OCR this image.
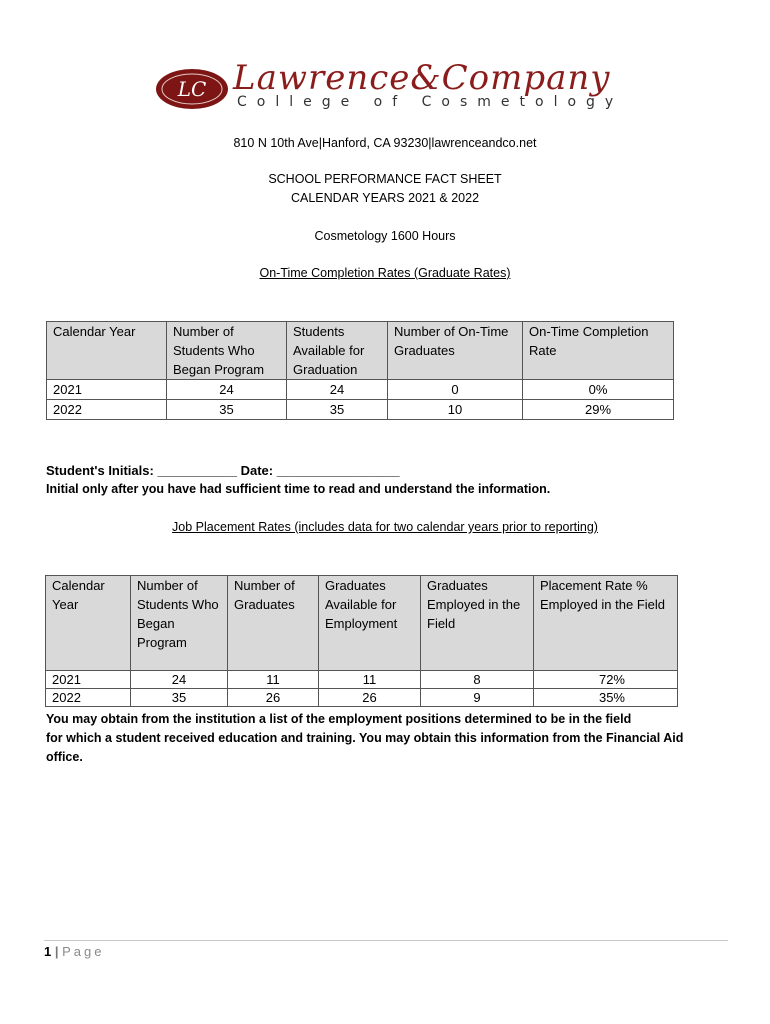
LC Lawrence&Company
College of Cosmetology
810 N 10th Ave|Hanford, CA 93230|lawrenceandco.net
SCHOOL PERFORMANCE FACT SHEET
CALENDAR YEARS 2021 & 2022
Cosmetology 1600 Hours
On-Time Completion Rates (Graduate Rates)
Calendar Year	Number of Students Who Began Program	Students Available for Graduation	Number of On-Time Graduates	On-Time Completion Rate
2021	24	24	0	0%
2022	35	35	10	29%
Student's Initials: ___________ Date: _________________
Initial only after you have had sufficient time to read and understand the information.
Job Placement Rates (includes data for two calendar years prior to reporting)
Calendar Year	Number of Students Who Began Program	Number of Graduates	Graduates Available for Employment	Graduates Employed in the Field	Placement Rate % Employed in the Field
2021	24	11	11	8	72%
2022	35	26	26	9	35%
You may obtain from the institution a list of the employment positions determined to be in the field
for which a student received education and training. You may obtain this information from the Financial Aid
office.
1 | Page
